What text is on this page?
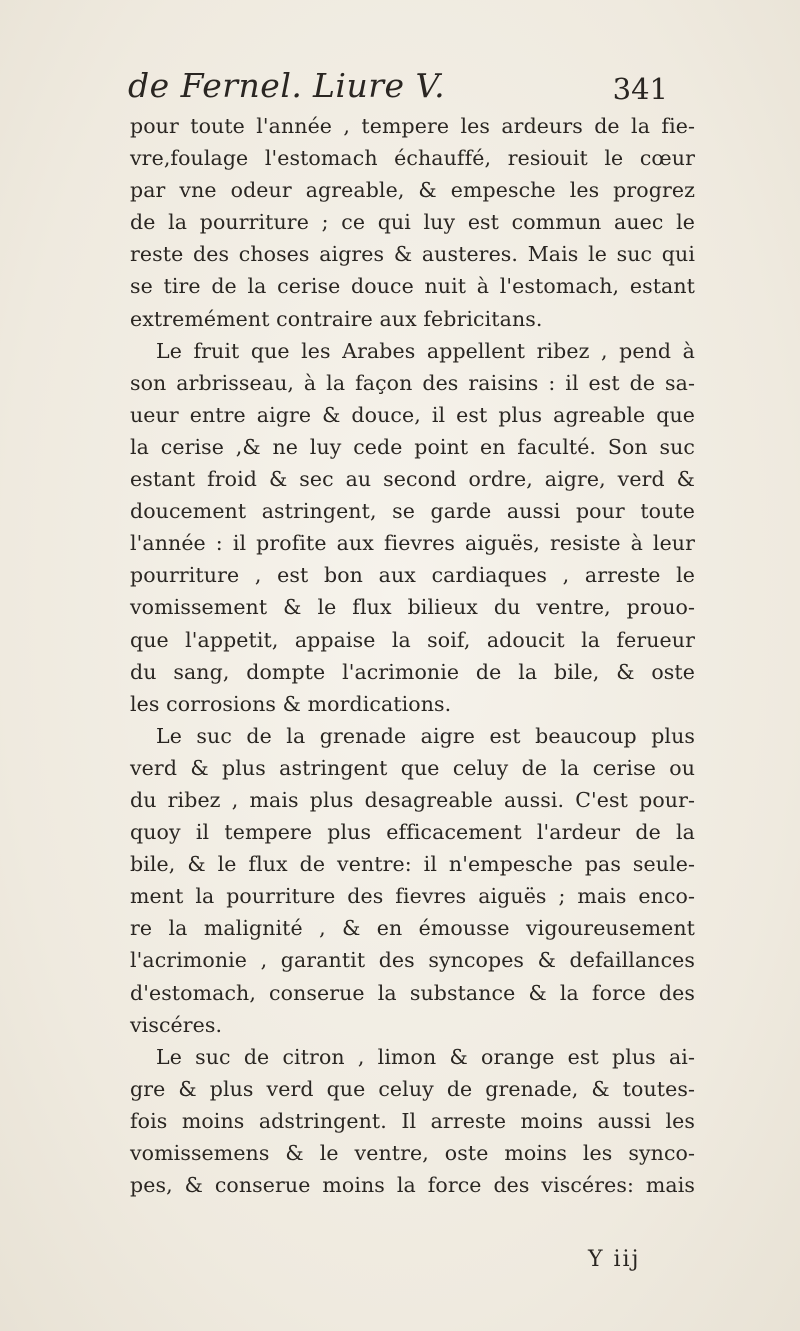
de Fernel. Liure V.	341
pour toute l'année , tempere les ardeurs de la fie-
vre,foulage l'estomach échauffé, resiouit le cœur
par vne odeur agreable, & empesche les progrez
de la pourriture ; ce qui luy est commun auec le
reste des choses aigres & austeres. Mais le suc qui
se tire de la cerise douce nuit à l'estomach, estant
extremément contraire aux febricitans.
Le fruit que les Arabes appellent ribez , pend à
son arbrisseau, à la façon des raisins : il est de sa-
ueur entre aigre & douce, il est plus agreable que
la cerise ,& ne luy cede point en faculté. Son suc
estant froid & sec au second ordre, aigre, verd &
doucement astringent, se garde aussi pour toute
l'année : il profite aux fievres aiguës, resiste à leur
pourriture , est bon aux cardiaques , arreste le
vomissement & le flux bilieux du ventre, prouo-
que l'appetit, appaise la soif, adoucit la ferueur
du sang, dompte l'acrimonie de la bile, & oste
les corrosions & mordications.
Le suc de la grenade aigre est beaucoup plus
verd & plus astringent que celuy de la cerise ou
du ribez , mais plus desagreable aussi. C'est pour-
quoy il tempere plus efficacement l'ardeur de la
bile, & le flux de ventre: il n'empesche pas seule-
ment la pourriture des fievres aiguës ; mais enco-
re la malignité , & en émousse vigoureusement
l'acrimonie , garantit des syncopes & defaillances
d'estomach, conserue la substance & la force des
viscéres.
Le suc de citron , limon & orange est plus ai-
gre & plus verd que celuy de grenade, & toutes-
fois moins adstringent. Il arreste moins aussi les
vomissemens & le ventre, oste moins les synco-
pes, & conserue moins la force des viscéres: mais
Y iij
